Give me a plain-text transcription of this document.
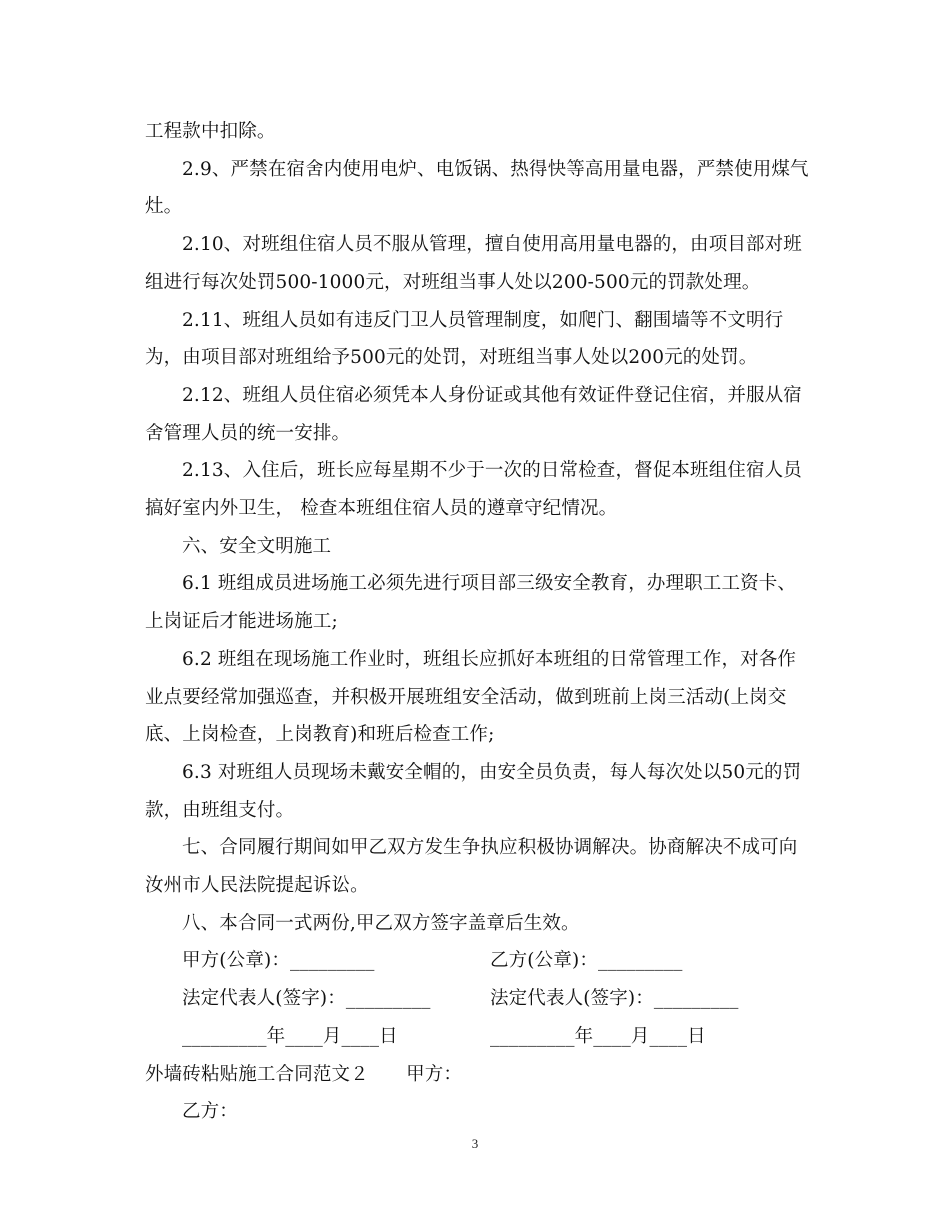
工程款中扣除。

2.9、严禁在宿舍内使用电炉、电饭锅、热得快等高用量电器，严禁使用煤气

灶。

2.10、对班组住宿人员不服从管理，擅自使用高用量电器的，由项目部对班

组进行每次处罚500-1000元，对班组当事人处以200-500元的罚款处理。

2.11、班组人员如有违反门卫人员管理制度，如爬门、翻围墙等不文明行

为，由项目部对班组给予500元的处罚，对班组当事人处以200元的处罚。

2.12、班组人员住宿必须凭本人身份证或其他有效证件登记住宿，并服从宿

舍管理人员的统一安排。

2.13、入住后，班长应每星期不少于一次的日常检查，督促本班组住宿人员

搞好室内外卫生， 检查本班组住宿人员的遵章守纪情况。

六、安全文明施工

6.1 班组成员进场施工必须先进行项目部三级安全教育，办理职工工资卡、

上岗证后才能进场施工;

6.2 班组在现场施工作业时，班组长应抓好本班组的日常管理工作，对各作

业点要经常加强巡查，并积极开展班组安全活动，做到班前上岗三活动(上岗交

底、上岗检查，上岗教育)和班后检查工作;

6.3 对班组人员现场未戴安全帽的，由安全员负责，每人每次处以50元的罚

款，由班组支付。

七、合同履行期间如甲乙双方发生争执应积极协调解决。协商解决不成可向

汝州市人民法院提起诉讼。

八、本合同一式两份,甲乙双方签字盖章后生效。

甲方(公章)：_________	乙方(公章)：_________
法定代表人(签字)：_________	法定代表人(签字)：_________
_________年____月____日	_________年____月____日

外墙砖粘贴施工合同范文２　　甲方：

乙方：

3
